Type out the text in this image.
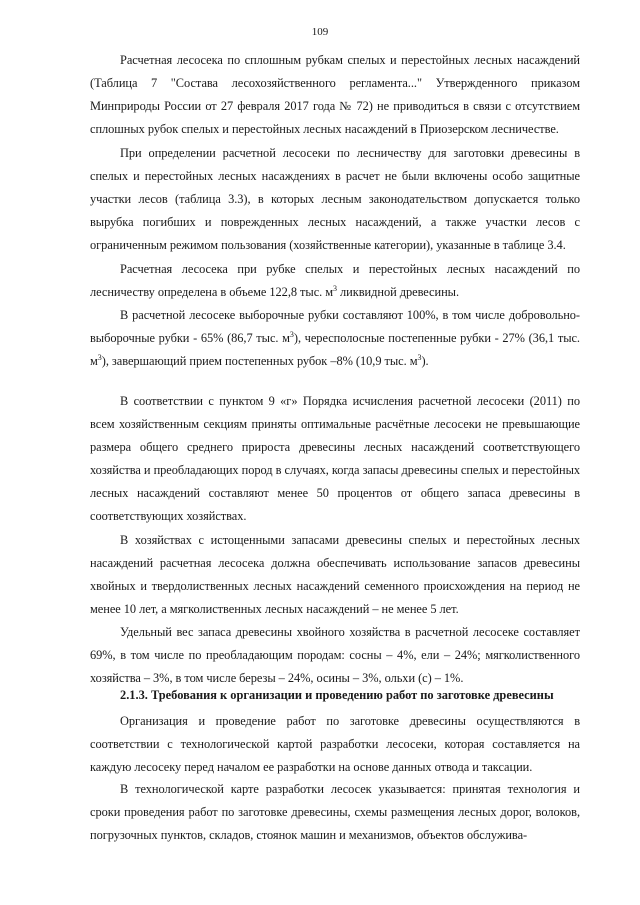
109

Расчетная лесосека по сплошным рубкам спелых и перестойных лесных насаждений (Таблица 7 "Состава лесохозяйственного регламента..." Утвержденного приказом Минприроды России от 27 февраля 2017 года № 72) не приводиться в связи с отсутствием сплошных рубок спелых и перестойных лесных насаждений в Приозерском лесничестве.

При определении расчетной лесосеки по лесничеству для заготовки древесины в спелых и перестойных лесных насаждениях в расчет не были включены особо защитные участки лесов (таблица 3.3), в которых лесным законодательством допускается только вырубка погибших и поврежденных лесных насаждений, а также участки лесов с ограниченным режимом пользования (хозяйственные категории), указанные в таблице 3.4.

Расчетная лесосека при рубке спелых и перестойных лесных насаждений по лесничеству определена в объеме 122,8 тыс. $м^3$ ликвидной древесины.

В расчетной лесосеке выборочные рубки составляют 100%, в том числе добровольно-выборочные рубки - 65% (86,7 тыс. $м^3$), чересполосные постепенные рубки - 27% (36,1 тыс. $м^3$), завершающий прием постепенных рубок –8% (10,9 тыс. $м^3$).

В соответствии с пунктом 9 «г» Порядка исчисления расчетной лесосеки (2011) по всем хозяйственным секциям приняты оптимальные расчётные лесосеки не превышающие размера общего среднего прироста древесины лесных насаждений соответствующего хозяйства и преобладающих пород в случаях, когда запасы древесины спелых и перестойных лесных насаждений составляют менее 50 процентов от общего запаса древесины в соответствующих хозяйствах.

В хозяйствах с истощенными запасами древесины спелых и перестойных лесных насаждений расчетная лесосека должна обеспечивать использование запасов древесины хвойных и твердолиственных лесных насаждений семенного происхождения на период не менее 10 лет, а мягколиственных лесных насаждений – не менее 5 лет.

Удельный вес запаса древесины хвойного хозяйства в расчетной лесосеке составляет 69%, в том числе по преобладающим породам: сосны – 4%, ели – 24%; мягколиственного хозяйства – 3%, в том числе березы – 24%, осины – 3%, ольхи (с) – 1%.

2.1.3. Требования к организации и проведению работ по заготовке древесины

Организация и проведение работ по заготовке древесины осуществляются в соответствии с технологической картой разработки лесосеки, которая составляется на каждую лесосеку перед началом ее разработки на основе данных отвода и таксации.

В технологической карте разработки лесосек указывается: принятая технология и сроки проведения работ по заготовке древесины, схемы размещения лесных дорог, волоков, погрузочных пунктов, складов, стоянок машин и механизмов, объектов обслужива-
